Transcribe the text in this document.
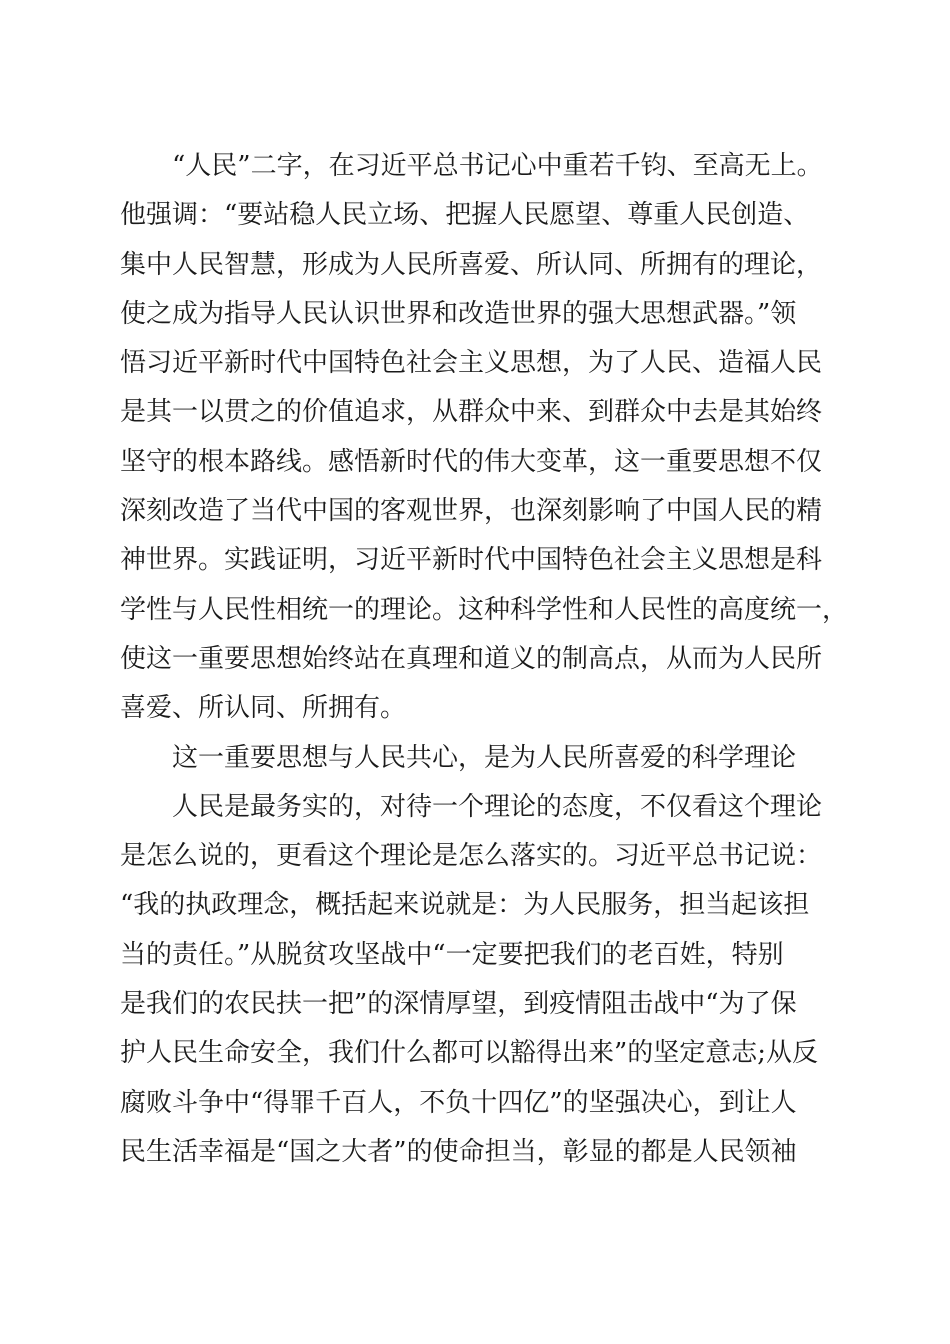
“人民”二字，在习近平总书记心中重若千钧、至高无上。
他强调：“要站稳人民立场、把握人民愿望、尊重人民创造、
集中人民智慧，形成为人民所喜爱、所认同、所拥有的理论，
使之成为指导人民认识世界和改造世界的强大思想武器。”领
悟习近平新时代中国特色社会主义思想，为了人民、造福人民
是其一以贯之的价值追求，从群众中来、到群众中去是其始终
坚守的根本路线。感悟新时代的伟大变革，这一重要思想不仅
深刻改造了当代中国的客观世界，也深刻影响了中国人民的精
神世界。实践证明，习近平新时代中国特色社会主义思想是科
学性与人民性相统一的理论。这种科学性和人民性的高度统一，
使这一重要思想始终站在真理和道义的制高点，从而为人民所
喜爱、所认同、所拥有。
这一重要思想与人民共心，是为人民所喜爱的科学理论
人民是最务实的，对待一个理论的态度，不仅看这个理论
是怎么说的，更看这个理论是怎么落实的。习近平总书记说：
“我的执政理念，概括起来说就是：为人民服务，担当起该担
当的责任。”从脱贫攻坚战中“一定要把我们的老百姓，特别
是我们的农民扶一把”的深情厚望，到疫情阻击战中“为了保
护人民生命安全，我们什么都可以豁得出来”的坚定意志;从反
腐败斗争中“得罪千百人，不负十四亿”的坚强决心，到让人
民生活幸福是“国之大者”的使命担当，彰显的都是人民领袖
